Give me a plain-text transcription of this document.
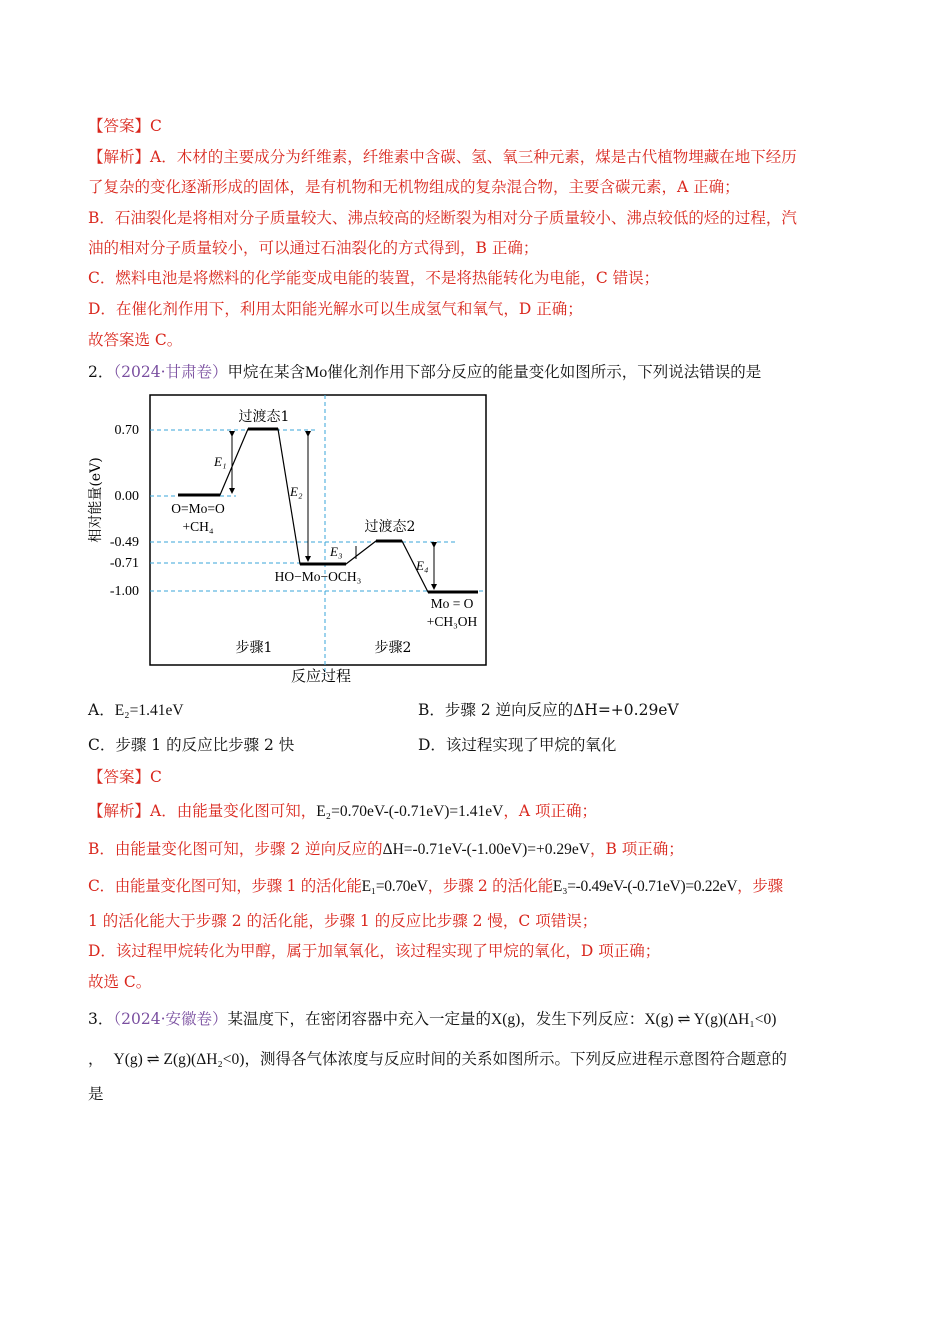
【答案】C
【解析】A．木材的主要成分为纤维素，纤维素中含碳、氢、氧三种元素，煤是古代植物埋藏在地下经历
了复杂的变化逐渐形成的固体，是有机物和无机物组成的复杂混合物，主要含碳元素，A 正确；
B．石油裂化是将相对分子质量较大、沸点较高的烃断裂为相对分子质量较小、沸点较低的烃的过程，汽
油的相对分子质量较小，可以通过石油裂化的方式得到，B 正确；
C．燃料电池是将燃料的化学能变成电能的装置，不是将热能转化为电能，C 错误；
D．在催化剂作用下，利用太阳能光解水可以生成氢气和氧气，D 正确；
故答案选 C。
2．（2024·甘肃卷）甲烷在某含Mo催化剂作用下部分反应的能量变化如图所示，下列说法错误的是
0.70
0.00
-0.49
-0.71
-1.00
相对能量(eV)
反应过程
过渡态1
过渡态2
O=Mo=O
+CH₄
HO−Mo−OCH₃
Mo = O
+CH₃OH
步骤1	步骤2
E₁
E₂
E₃
E₄
A．E₂=1.41eV	B．步骤 2 逆向反应的ΔH=+0.29eV
C．步骤 1 的反应比步骤 2 快	D．该过程实现了甲烷的氧化
【答案】C
【解析】A．由能量变化图可知，E₂=0.70eV-(-0.71eV)=1.41eV，A 项正确；
B．由能量变化图可知，步骤 2 逆向反应的ΔH=-0.71eV-(-1.00eV)=+0.29eV，B 项正确；
C．由能量变化图可知，步骤 1 的活化能E₁=0.70eV，步骤 2 的活化能E₃=-0.49eV-(-0.71eV)=0.22eV，步骤
1 的活化能大于步骤 2 的活化能，步骤 1 的反应比步骤 2 慢，C 项错误；
D．该过程甲烷转化为甲醇，属于加氧氧化，该过程实现了甲烷的氧化，D 项正确；
故选 C。
3．（2024·安徽卷）某温度下，在密闭容器中充入一定量的X(g)，发生下列反应：X(g) ⇌ Y(g)(ΔH₁<0)
， Y(g) ⇌ Z(g)(ΔH₂<0)，测得各气体浓度与反应时间的关系如图所示。下列反应进程示意图符合题意的
是
